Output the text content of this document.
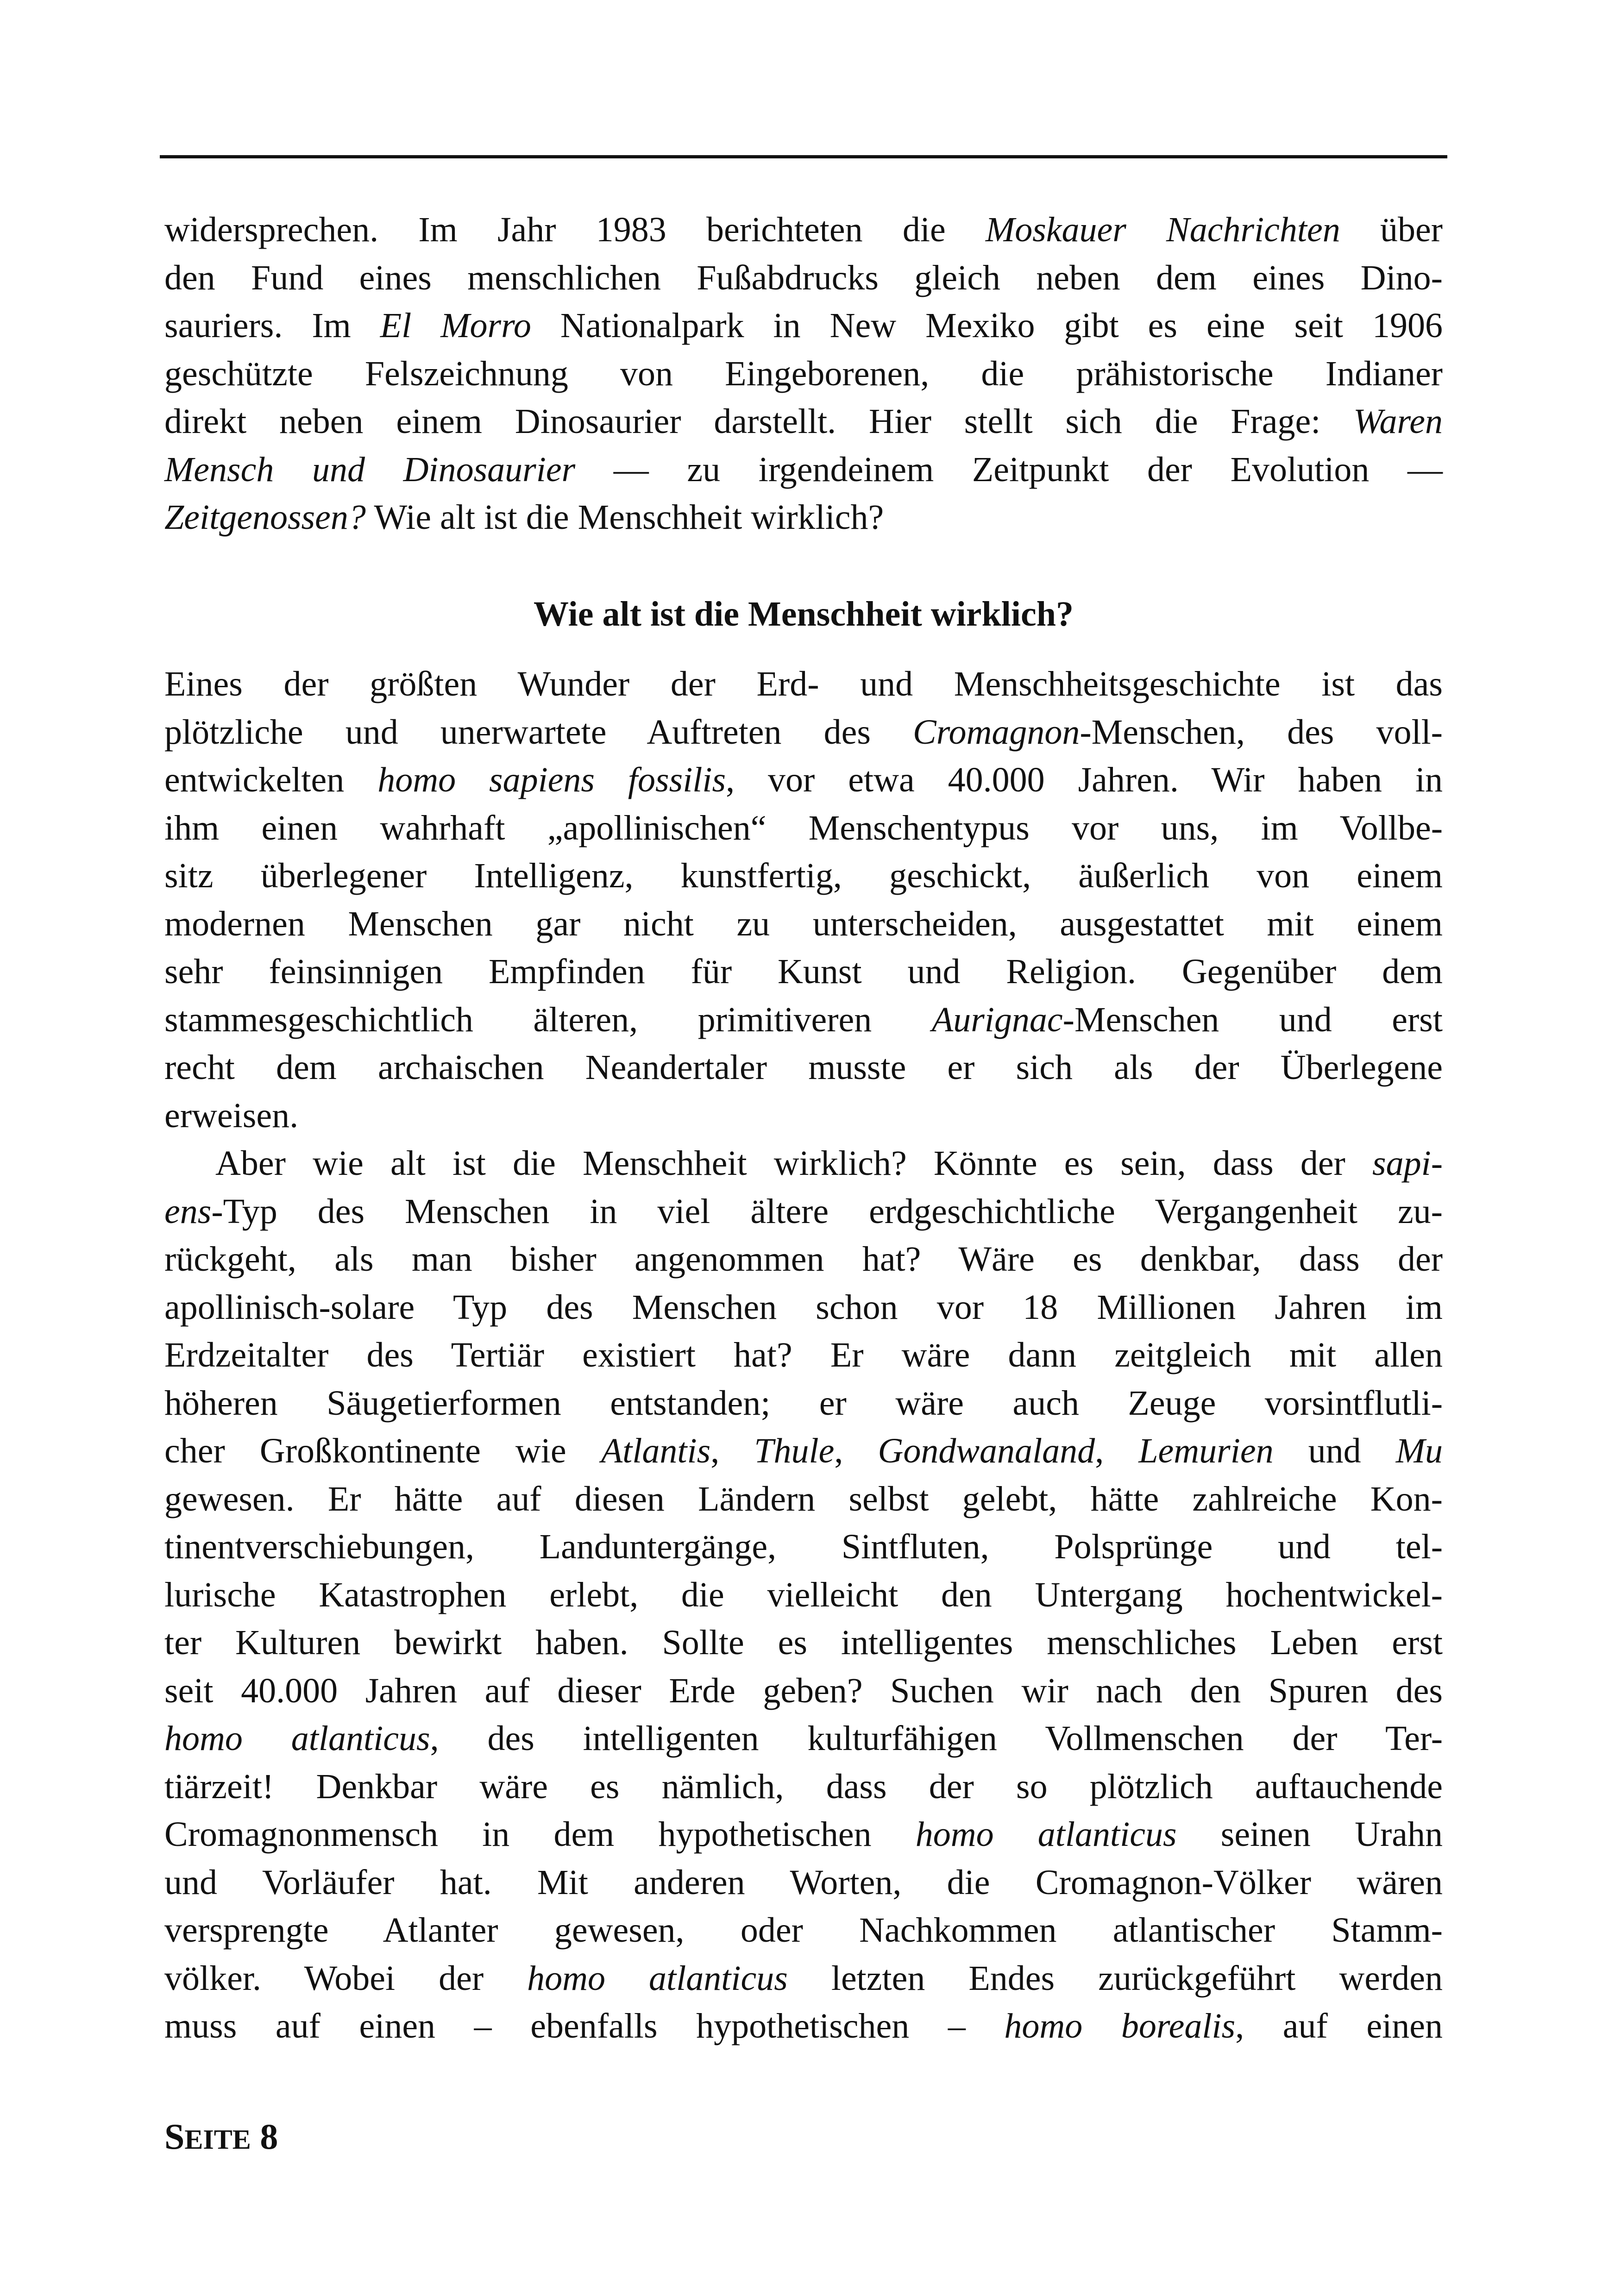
widersprechen. Im Jahr 1983 berichteten die Moskauer Nachrichten über
den Fund eines menschlichen Fußabdrucks gleich neben dem eines Dino-
sauriers. Im El Morro Nationalpark in New Mexiko gibt es eine seit 1906
geschützte Felszeichnung von Eingeborenen, die prähistorische Indianer
direkt neben einem Dinosaurier darstellt. Hier stellt sich die Frage: Waren
Mensch und Dinosaurier — zu irgendeinem Zeitpunkt der Evolution —
Zeitgenossen? Wie alt ist die Menschheit wirklich?
Wie alt ist die Menschheit wirklich?
Eines der größten Wunder der Erd- und Menschheitsgeschichte ist das
plötzliche und unerwartete Auftreten des Cromagnon-Menschen, des voll-
entwickelten homo sapiens fossilis, vor etwa 40.000 Jahren. Wir haben in
ihm einen wahrhaft „apollinischen“ Menschentypus vor uns, im Vollbe-
sitz überlegener Intelligenz, kunstfertig, geschickt, äußerlich von einem
modernen Menschen gar nicht zu unterscheiden, ausgestattet mit einem
sehr feinsinnigen Empfinden für Kunst und Religion. Gegenüber dem
stammesgeschichtlich älteren, primitiveren Aurignac-Menschen und erst
recht dem archaischen Neandertaler musste er sich als der Überlegene
erweisen.
Aber wie alt ist die Menschheit wirklich? Könnte es sein, dass der sapi-
ens-Typ des Menschen in viel ältere erdgeschichtliche Vergangenheit zu-
rückgeht, als man bisher angenommen hat? Wäre es denkbar, dass der
apollinisch-solare Typ des Menschen schon vor 18 Millionen Jahren im
Erdzeitalter des Tertiär existiert hat? Er wäre dann zeitgleich mit allen
höheren Säugetierformen entstanden; er wäre auch Zeuge vorsintflutli-
cher Großkontinente wie Atlantis, Thule, Gondwanaland, Lemurien und Mu
gewesen. Er hätte auf diesen Ländern selbst gelebt, hätte zahlreiche Kon-
tinentverschiebungen, Landuntergänge, Sintfluten, Polsprünge und tel-
lurische Katastrophen erlebt, die vielleicht den Untergang hochentwickel-
ter Kulturen bewirkt haben. Sollte es intelligentes menschliches Leben erst
seit 40.000 Jahren auf dieser Erde geben? Suchen wir nach den Spuren des
homo atlanticus, des intelligenten kulturfähigen Vollmenschen der Ter-
tiärzeit! Denkbar wäre es nämlich, dass der so plötzlich auftauchende
Cromagnonmensch in dem hypothetischen homo atlanticus seinen Urahn
und Vorläufer hat. Mit anderen Worten, die Cromagnon-Völker wären
versprengte Atlanter gewesen, oder Nachkommen atlantischer Stamm-
völker. Wobei der homo atlanticus letzten Endes zurückgeführt werden
muss auf einen – ebenfalls hypothetischen – homo borealis, auf einen
SEITE 8
